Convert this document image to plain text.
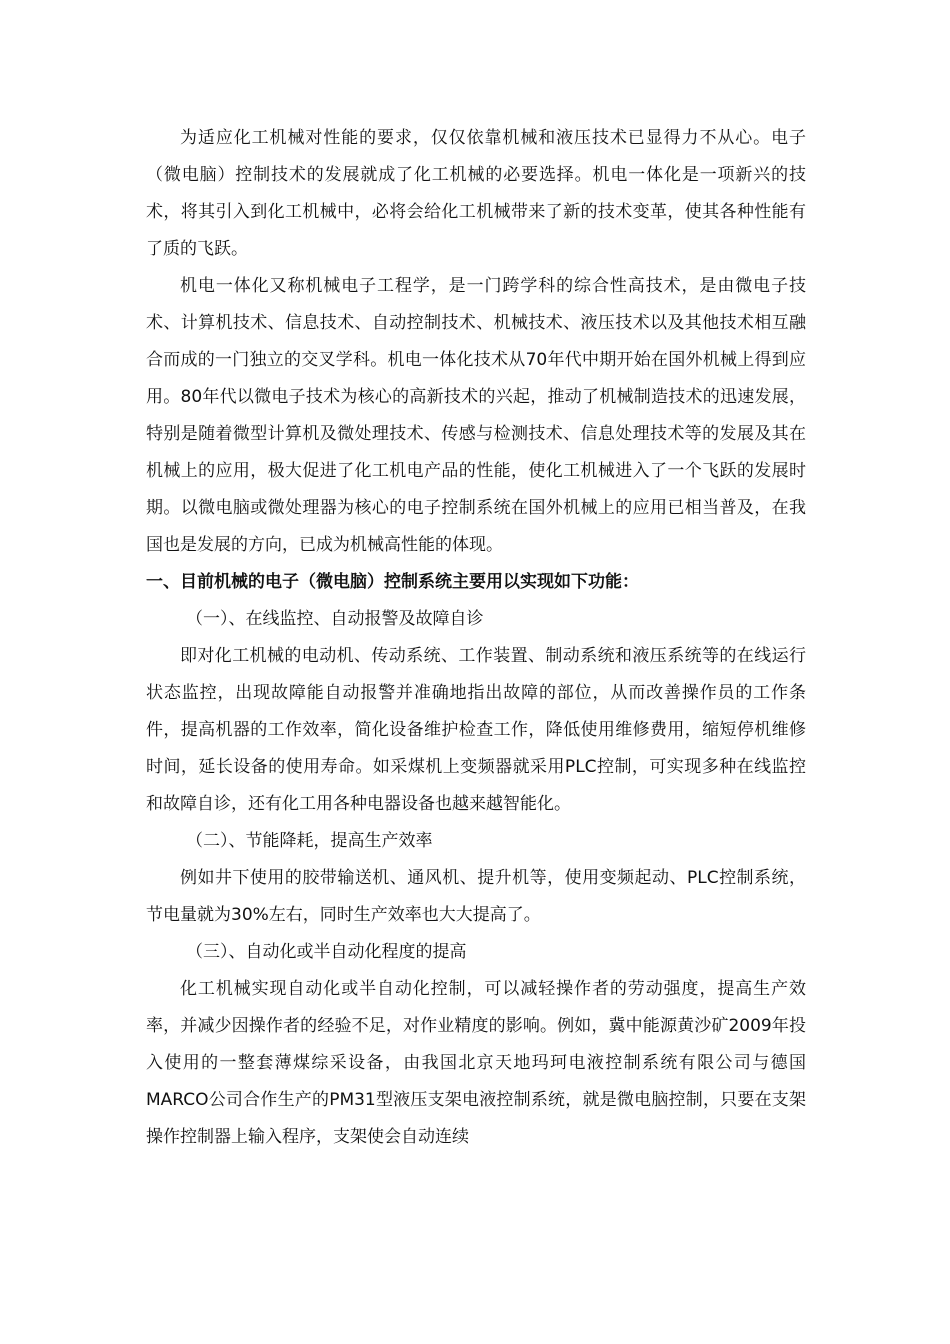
为适应化工机械对性能的要求，仅仅依靠机械和液压技术已显得力不从心。电子（微电脑）控制技术的发展就成了化工机械的必要选择。机电一体化是一项新兴的技术，将其引入到化工机械中，必将会给化工机械带来了新的技术变革，使其各种性能有了质的飞跃。

机电一体化又称机械电子工程学，是一门跨学科的综合性高技术，是由微电子技术、计算机技术、信息技术、自动控制技术、机械技术、液压技术以及其他技术相互融合而成的一门独立的交叉学科。机电一体化技术从70年代中期开始在国外机械上得到应用。80年代以微电子技术为核心的高新技术的兴起，推动了机械制造技术的迅速发展，特别是随着微型计算机及微处理技术、传感与检测技术、信息处理技术等的发展及其在机械上的应用，极大促进了化工机电产品的性能，使化工机械进入了一个飞跃的发展时期。以微电脑或微处理器为核心的电子控制系统在国外机械上的应用已相当普及，在我国也是发展的方向，已成为机械高性能的体现。

一、目前机械的电子（微电脑）控制系统主要用以实现如下功能：

（一）、在线监控、自动报警及故障自诊

即对化工机械的电动机、传动系统、工作装置、制动系统和液压系统等的在线运行状态监控，出现故障能自动报警并准确地指出故障的部位，从而改善操作员的工作条件，提高机器的工作效率，简化设备维护检查工作，降低使用维修费用，缩短停机维修时间，延长设备的使用寿命。如采煤机上变频器就采用PLC控制，可实现多种在线监控和故障自诊，还有化工用各种电器设备也越来越智能化。

（二）、节能降耗，提高生产效率

例如井下使用的胶带输送机、通风机、提升机等，使用变频起动、PLC控制系统，节电量就为30%左右，同时生产效率也大大提高了。

（三）、自动化或半自动化程度的提高

化工机械实现自动化或半自动化控制，可以减轻操作者的劳动强度，提高生产效率，并减少因操作者的经验不足，对作业精度的影响。例如，冀中能源黄沙矿2009年投入使用的一整套薄煤综采设备，由我国北京天地玛珂电液控制系统有限公司与德国MARCO公司合作生产的PM31型液压支架电液控制系统，就是微电脑控制，只要在支架操作控制器上输入程序，支架使会自动连续
